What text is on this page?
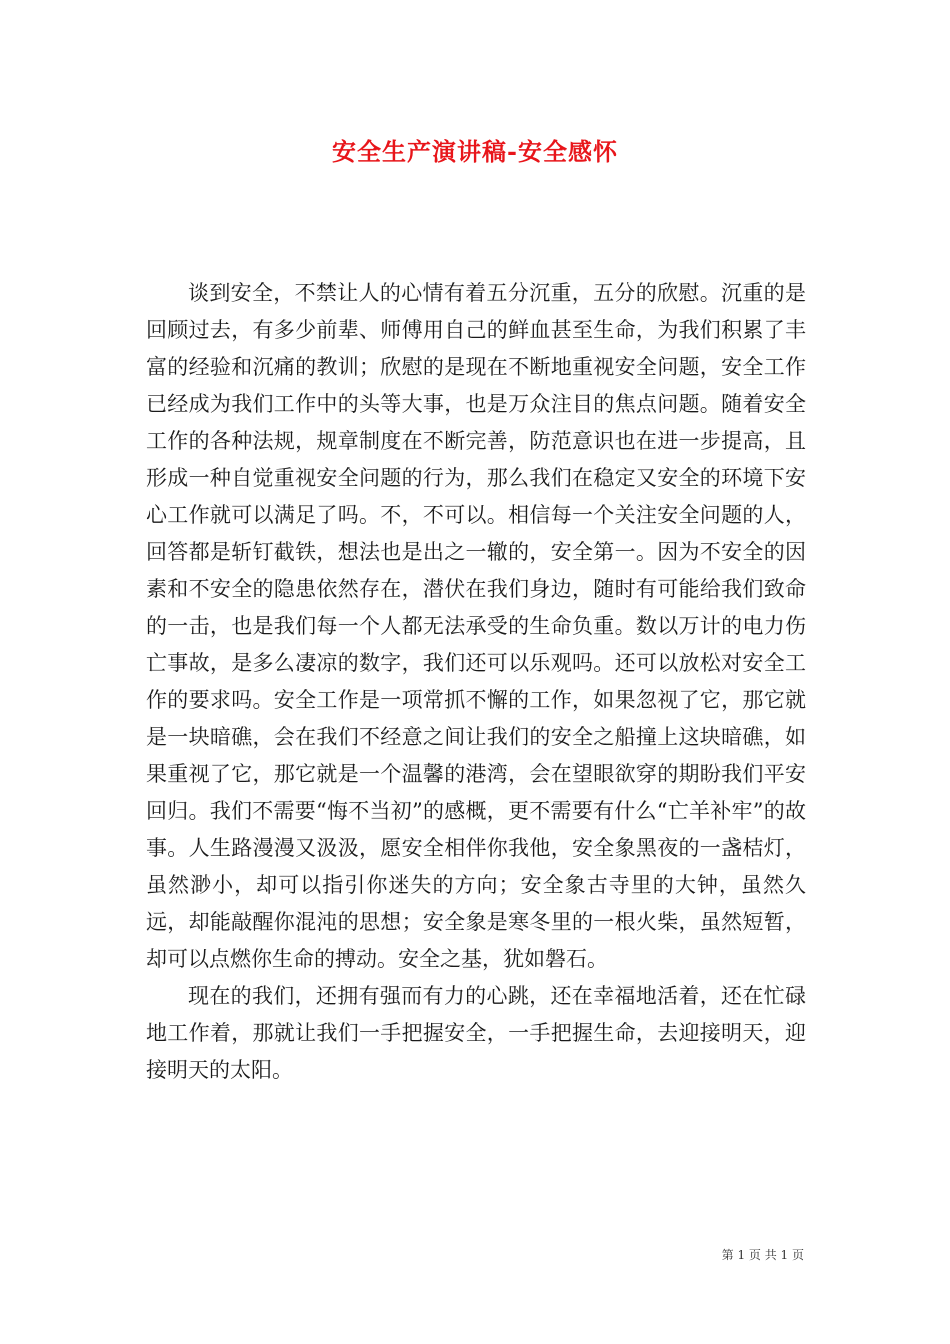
安全生产演讲稿-安全感怀

谈到安全，不禁让人的心情有着五分沉重，五分的欣慰。沉重的是回顾过去，有多少前辈、师傅用自己的鲜血甚至生命，为我们积累了丰富的经验和沉痛的教训；欣慰的是现在不断地重视安全问题，安全工作已经成为我们工作中的头等大事，也是万众注目的焦点问题。随着安全工作的各种法规，规章制度在不断完善，防范意识也在进一步提高，且形成一种自觉重视安全问题的行为，那么我们在稳定又安全的环境下安心工作就可以满足了吗。不，不可以。相信每一个关注安全问题的人，回答都是斩钉截铁，想法也是出之一辙的，安全第一。因为不安全的因素和不安全的隐患依然存在，潜伏在我们身边，随时有可能给我们致命的一击，也是我们每一个人都无法承受的生命负重。数以万计的电力伤亡事故，是多么凄凉的数字，我们还可以乐观吗。还可以放松对安全工作的要求吗。安全工作是一项常抓不懈的工作，如果忽视了它，那它就是一块暗礁，会在我们不经意之间让我们的安全之船撞上这块暗礁，如果重视了它，那它就是一个温馨的港湾，会在望眼欲穿的期盼我们平安回归。我们不需要“悔不当初”的感概，更不需要有什么“亡羊补牢”的故事。人生路漫漫又汲汲，愿安全相伴你我他，安全象黑夜的一盏桔灯，虽然渺小，却可以指引你迷失的方向；安全象古寺里的大钟，虽然久远，却能敲醒你混沌的思想；安全象是寒冬里的一根火柴，虽然短暂，却可以点燃你生命的搏动。安全之基，犹如磐石。

现在的我们，还拥有强而有力的心跳，还在幸福地活着，还在忙碌地工作着，那就让我们一手把握安全，一手把握生命，去迎接明天，迎接明天的太阳。

第 1 页 共 1 页
